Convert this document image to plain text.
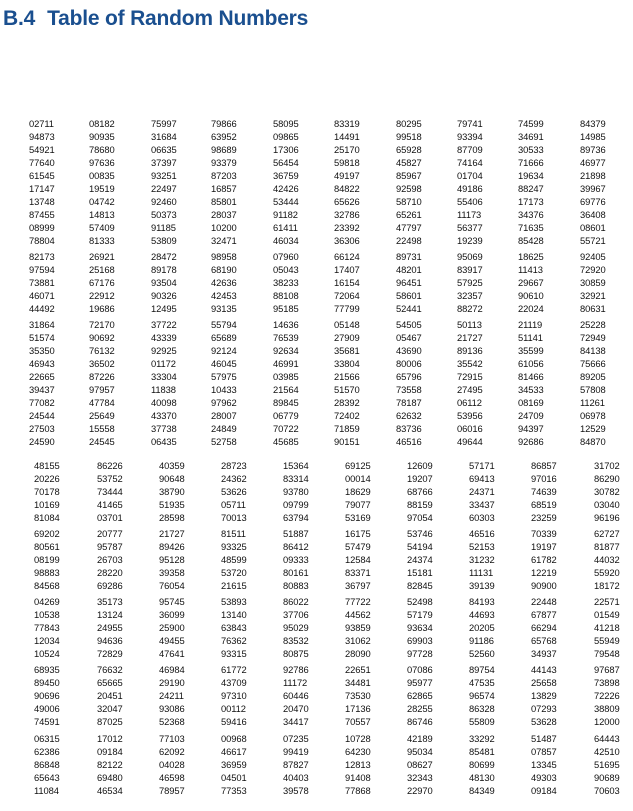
B.4 Table of Random Numbers
02711
94873
54921
77640
61545
08182
90935
78680
97636
00835
75997
31684
06635
37397
93251
79866
63952
98689
93379
87203
58095
09865
17306
56454
36759
83319
14491
25170
59818
49197
80295
99518
65928
45827
85967
79741
93394
87709
74164
01704
74599
34691
30533
71666
19634
84379
14985
89736
46977
21898
17147
13748
87455
08999
78804
19519
04742
14813
57409
81333
22497
92460
50373
91185
53809
16857
85801
28037
10200
32471
42426
53444
91182
61411
46034
84822
65626
32786
23392
36306
92598
58710
65261
47797
22498
49186
55406
11173
56377
19239
88247
17173
34376
71635
85428
39967
69776
36408
08601
55721
82173
97594
73881
46071
44492
26921
25168
67176
22912
19686
28472
89178
93504
90326
12495
98958
68190
42636
42453
93135
07960
05043
38233
88108
95185
66124
17407
16154
72064
77799
89731
48201
96451
58601
52441
95069
83917
57925
32357
88272
18625
11413
29667
90610
22024
92405
72920
30859
32921
80631
31864
51574
35350
46943
22665
72170
90692
76132
36502
87226
37722
43339
92925
01172
33304
55794
65689
92124
46045
57975
14636
76539
92634
46991
03985
05148
27909
35681
33804
21566
54505
05467
43690
80006
65796
50113
21727
89136
35542
72915
21119
51141
35599
61056
81466
25228
72949
84138
75666
89205
39437
77082
24544
27503
24590
97957
47784
25649
15558
24545
11838
40098
43370
37738
06435
10433
97962
28007
24849
52758
21564
89845
06779
70722
45685
51570
28392
72402
71859
90151
73558
78187
62632
83736
46516
27495
06112
53956
06016
49644
34533
08169
24709
94397
92686
57808
11261
06978
12529
84870
48155
20226
70178
10169
81084
86226
53752
73444
41465
03701
40359
90648
38790
51935
28598
28723
24362
53626
05711
70013
15364
83314
93780
09799
63794
69125
00014
18629
79077
53169
12609
19207
68766
88159
97054
57171
69413
24371
33437
60303
86857
97016
74639
68519
23259
31702
86290
30782
03040
96196
69202
80561
08199
98883
84568
20777
95787
26703
28220
69286
21727
89426
95128
39358
76054
81511
93325
48599
53720
21615
51887
86412
09333
80161
80883
16175
57479
12584
83371
36797
53746
54194
24374
15181
82845
46516
52153
31232
11131
39139
70339
19197
61782
12219
90900
62727
81877
44032
55920
18172
04269
10538
77843
12034
10524
35173
13124
24955
94636
72829
95745
36099
25900
49455
47641
53893
13140
63843
76362
93315
86022
37706
95029
83532
80875
77722
44562
93859
31062
28090
52498
57179
93634
69903
97728
84193
44693
20205
91186
52560
22448
67877
66294
65768
34937
22571
01549
41218
55949
79548
68935
89450
90696
49006
74591
76632
65665
20451
32047
87025
46984
29190
24211
93086
52368
61772
43709
97310
00112
59416
92786
11172
60446
20470
34417
22651
34481
73530
17136
70557
07086
95977
62865
28255
86746
89754
47535
96574
86328
55809
44143
25658
13829
07293
53628
97687
73898
72226
38809
12000
06315
62386
86848
65643
11084
17012
09184
82122
69480
46534
77103
62092
04028
46598
78957
00968
46617
36959
04501
77353
07235
99419
87827
40403
39578
10728
64230
12813
91408
77868
42189
95034
08627
32343
22970
33292
85481
80699
48130
84349
51487
07857
13345
49303
09184
64443
42510
51695
90689
70603
